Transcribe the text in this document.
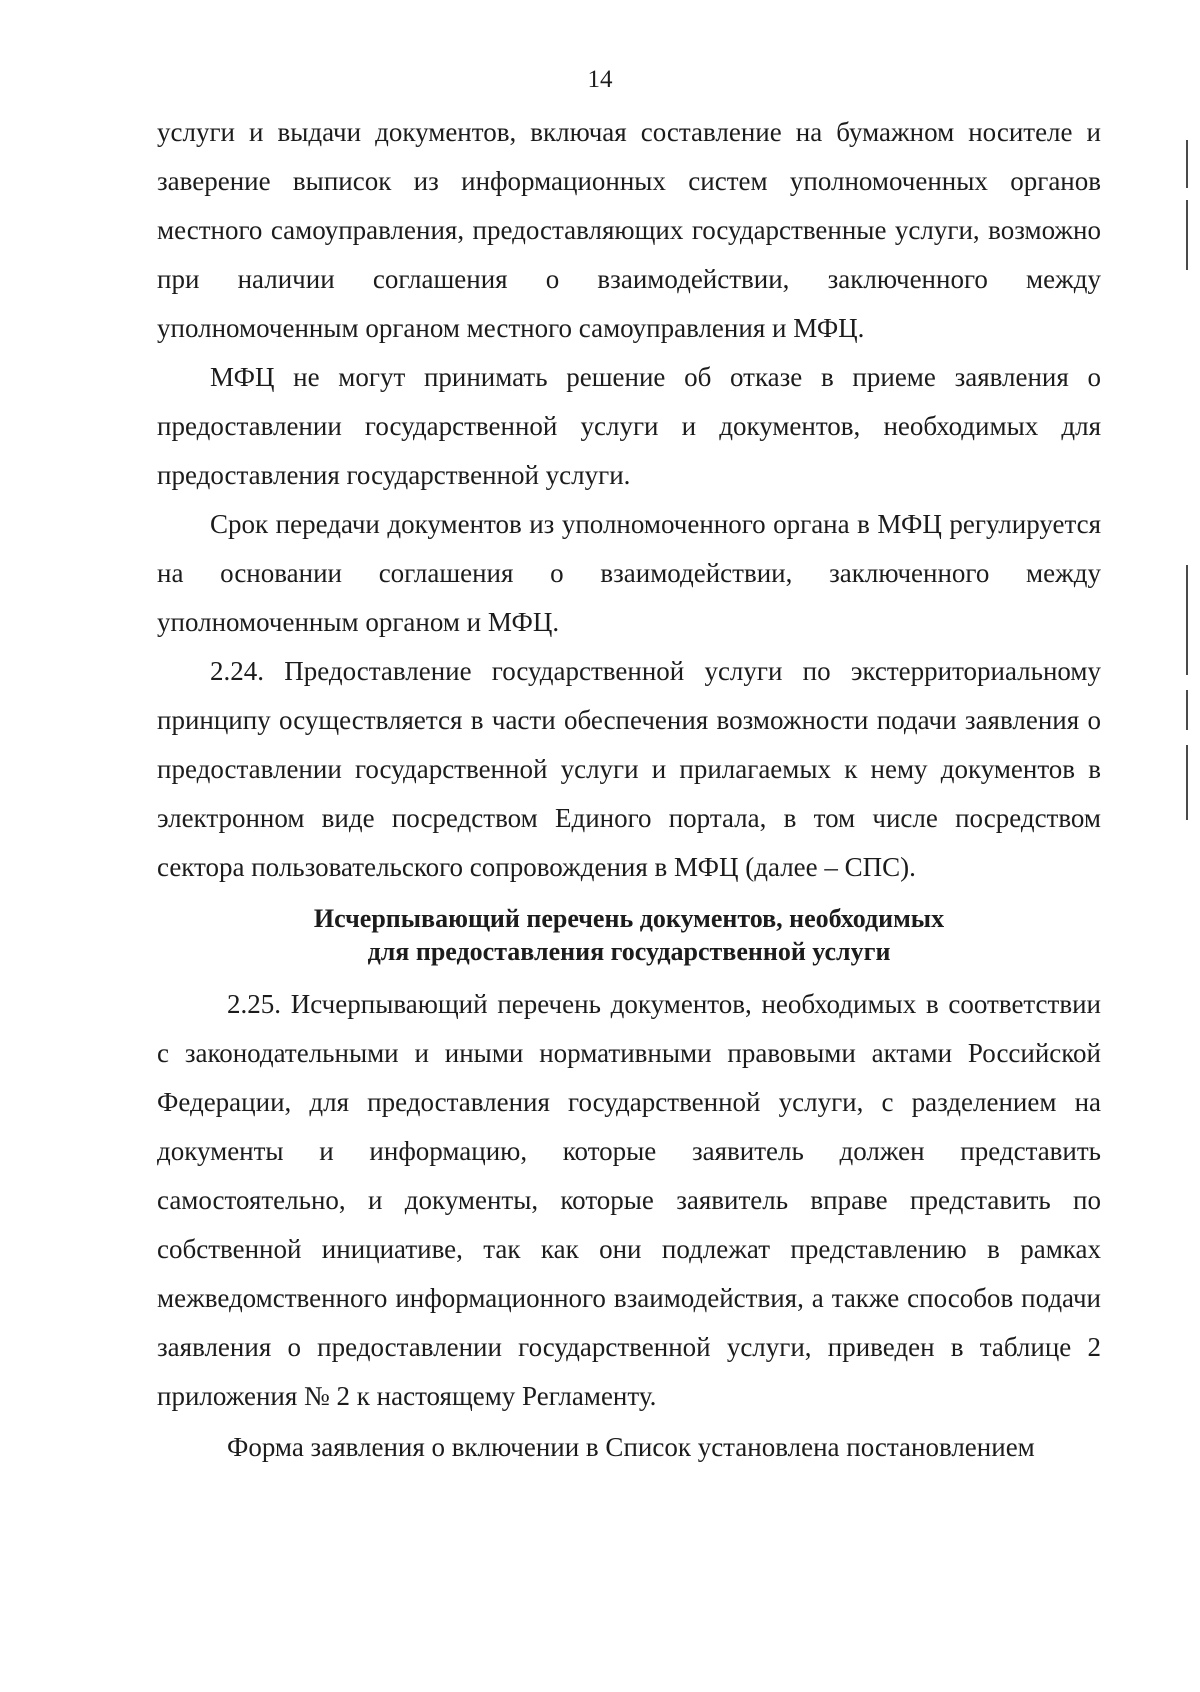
14

услуги и выдачи документов, включая составление на бумажном носителе и заверение выписок из информационных систем уполномоченных органов местного самоуправления, предоставляющих государственные услуги, возможно при наличии соглашения о взаимодействии, заключенного между уполномоченным органом местного самоуправления и МФЦ.

МФЦ не могут принимать решение об отказе в приеме заявления о предоставлении государственной услуги и документов, необходимых для предоставления государственной услуги.

Срок передачи документов из уполномоченного органа в МФЦ регулируется на основании соглашения о взаимодействии, заключенного между уполномоченным органом и МФЦ.

2.24. Предоставление государственной услуги по экстерриториальному принципу осуществляется в части обеспечения возможности подачи заявления о предоставлении государственной услуги и прилагаемых к нему документов в электронном виде посредством Единого портала, в том числе посредством сектора пользовательского сопровождения в МФЦ (далее – СПС).

Исчерпывающий перечень документов, необходимых
для предоставления государственной услуги

2.25. Исчерпывающий перечень документов, необходимых в соответствии с законодательными и иными нормативными правовыми актами Российской Федерации, для предоставления государственной услуги, с разделением на документы и информацию, которые заявитель должен представить самостоятельно, и документы, которые заявитель вправе представить по собственной инициативе, так как они подлежат представлению в рамках межведомственного информационного взаимодействия, а также способов подачи заявления о предоставлении государственной услуги, приведен в таблице 2 приложения № 2 к настоящему Регламенту.

Форма заявления о включении в Список установлена постановлением
